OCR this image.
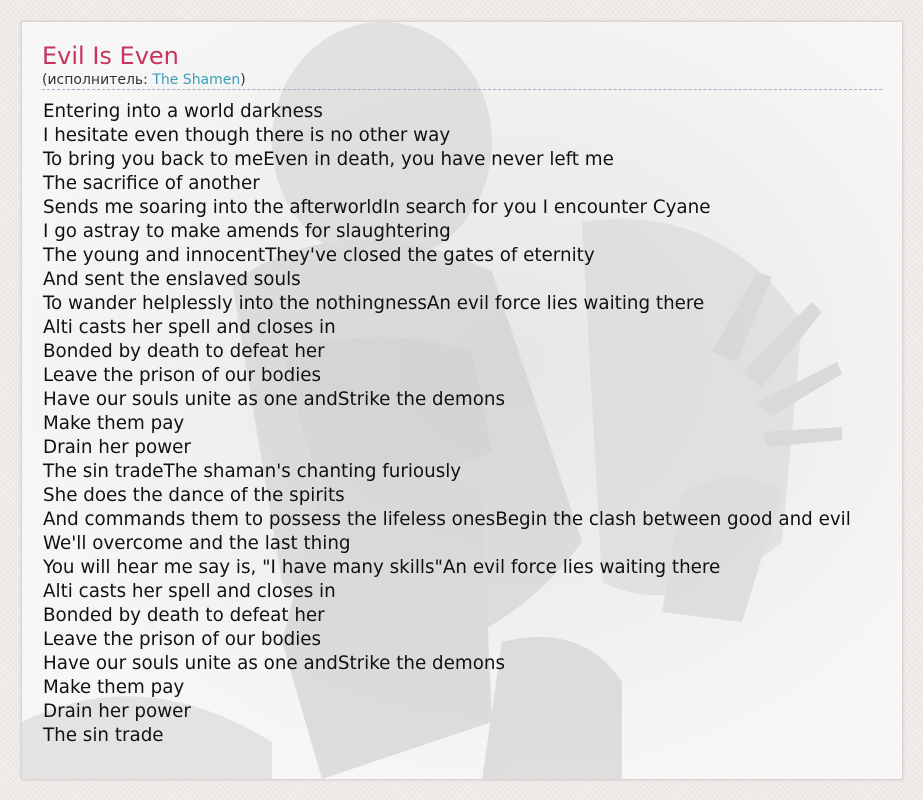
Evil Is Even
(исполнитель: The Shamen)
Entering into a world darkness
I hesitate even though there is no other way
To bring you back to meEven in death, you have never left me
The sacrifice of another
Sends me soaring into the afterworldIn search for you I encounter Cyane
I go astray to make amends for slaughtering
The young and innocentThey've closed the gates of eternity
And sent the enslaved souls
To wander helplessly into the nothingnessAn evil force lies waiting there
Alti casts her spell and closes in
Bonded by death to defeat her
Leave the prison of our bodies
Have our souls unite as one andStrike the demons
Make them pay
Drain her power
The sin tradeThe shaman's chanting furiously
She does the dance of the spirits
And commands them to possess the lifeless onesBegin the clash between good and evil
We'll overcome and the last thing
You will hear me say is, "I have many skills"An evil force lies waiting there
Alti casts her spell and closes in
Bonded by death to defeat her
Leave the prison of our bodies
Have our souls unite as one andStrike the demons
Make them pay
Drain her power
The sin trade
